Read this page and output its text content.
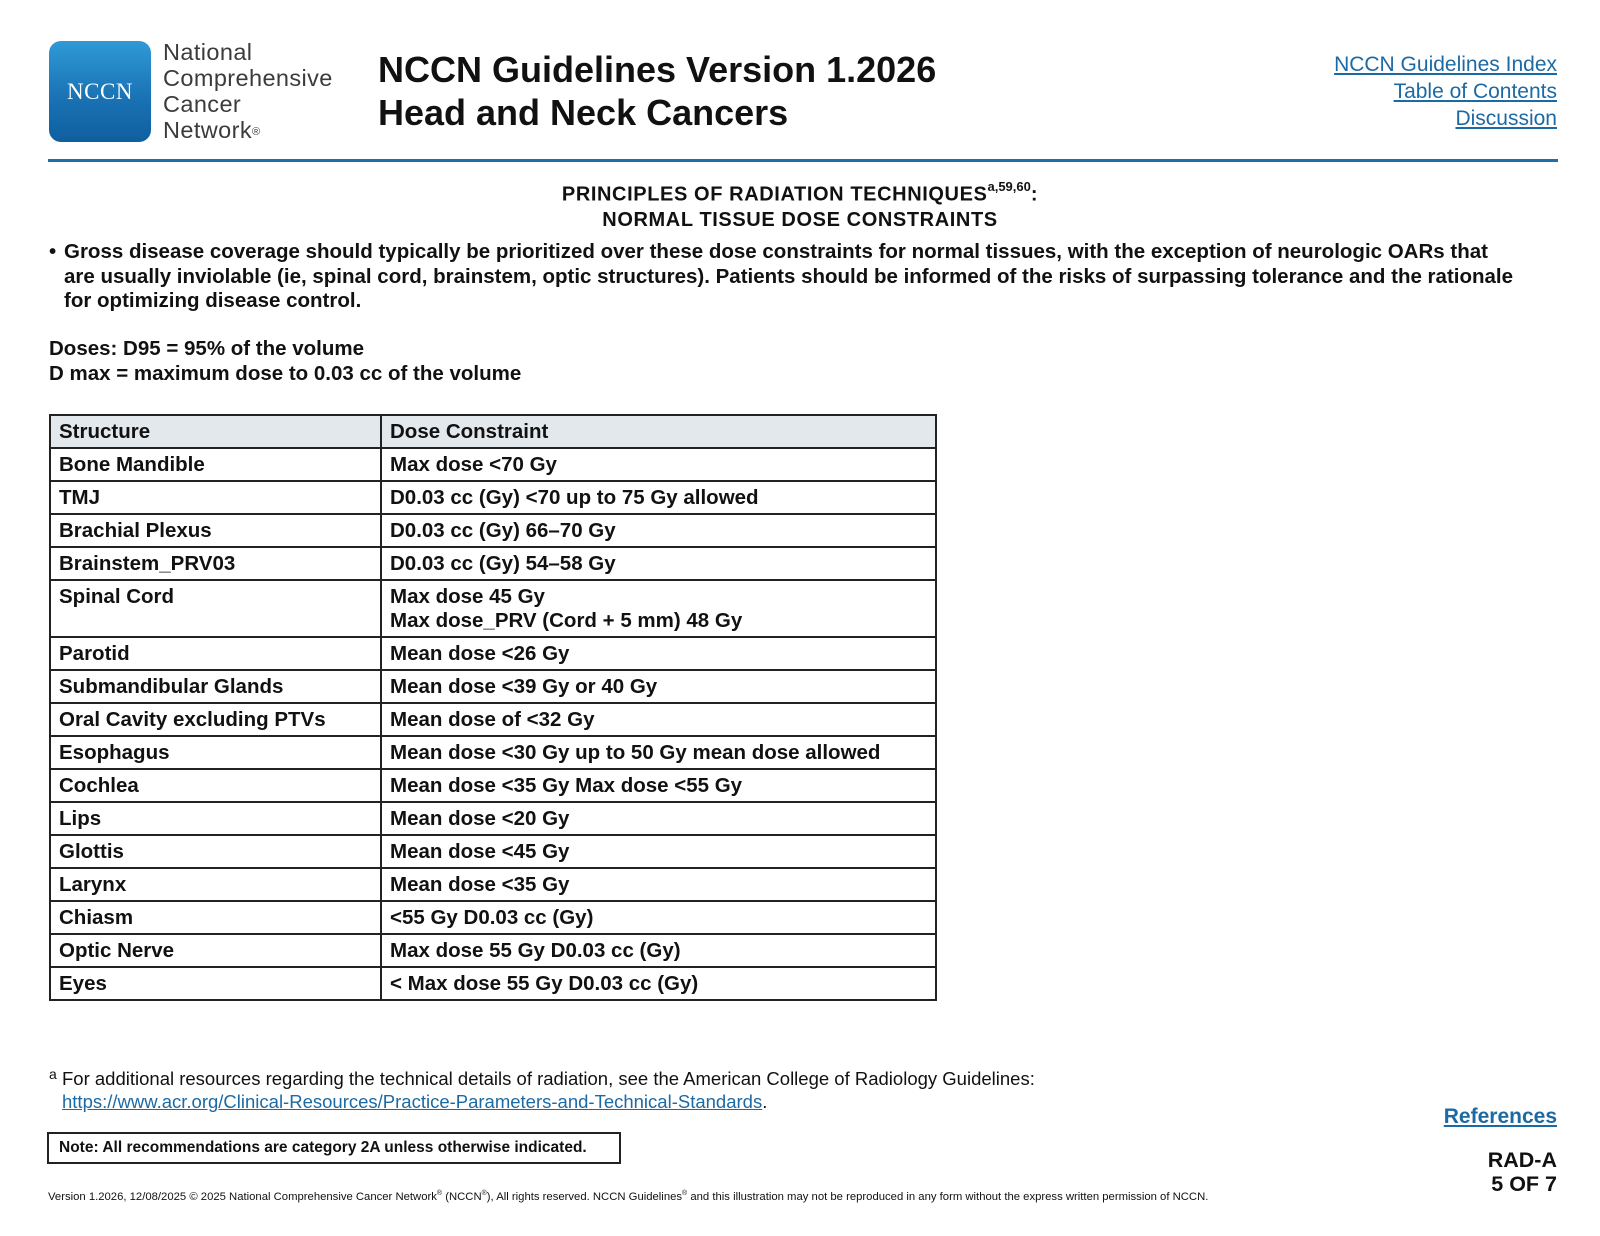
NCCN
National
Comprehensive
Cancer
Network®
NCCN Guidelines Version 1.2026
Head and Neck Cancers
NCCN Guidelines Index
Table of Contents
Discussion
PRINCIPLES OF RADIATION TECHNIQUES$^{a,59,60}$:
NORMAL TISSUE DOSE CONSTRAINTS
• Gross disease coverage should typically be prioritized over these dose constraints for normal tissues, with the exception of neurologic OARs that are usually inviolable (ie, spinal cord, brainstem, optic structures). Patients should be informed of the risks of surpassing tolerance and the rationale for optimizing disease control.
Doses: D95 = 95% of the volume
D max = maximum dose to 0.03 cc of the volume
Structure	Dose Constraint
Bone Mandible	Max dose <70 Gy
TMJ	D0.03 cc (Gy) <70 up to 75 Gy allowed
Brachial Plexus	D0.03 cc (Gy) 66–70 Gy
Brainstem_PRV03	D0.03 cc (Gy) 54–58 Gy
Spinal Cord	Max dose 45 Gy
Max dose_PRV (Cord + 5 mm) 48 Gy
Parotid	Mean dose <26 Gy
Submandibular Glands	Mean dose <39 Gy or 40 Gy
Oral Cavity excluding PTVs	Mean dose of <32 Gy
Esophagus	Mean dose <30 Gy up to 50 Gy mean dose allowed
Cochlea	Mean dose <35 Gy Max dose <55 Gy
Lips	Mean dose <20 Gy
Glottis	Mean dose <45 Gy
Larynx	Mean dose <35 Gy
Chiasm	<55 Gy D0.03 cc (Gy)
Optic Nerve	Max dose 55 Gy D0.03 cc (Gy)
Eyes	< Max dose 55 Gy D0.03 cc (Gy)
a For additional resources regarding the technical details of radiation, see the American College of Radiology Guidelines:
https://www.acr.org/Clinical-Resources/Practice-Parameters-and-Technical-Standards.
References
Note: All recommendations are category 2A unless otherwise indicated.
RAD-A
5 OF 7
Version 1.2026, 12/08/2025 © 2025 National Comprehensive Cancer Network® (NCCN®), All rights reserved. NCCN Guidelines® and this illustration may not be reproduced in any form without the express written permission of NCCN.
